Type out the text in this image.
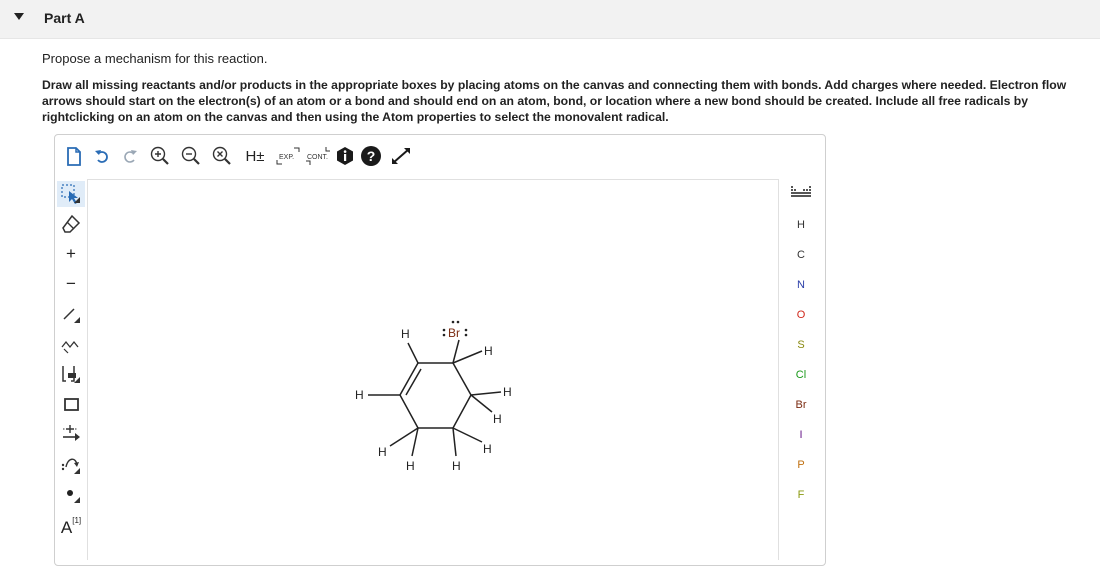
Part A
Propose a mechanism for this reaction.
Draw all missing reactants and/or products in the appropriate boxes by placing atoms on the canvas and connecting them with bonds. Add charges where needed. Electron flow arrows should start on the electron(s) of an atom or a bond and should end on an atom, bond, or location where a new bond should be created. Include all free radicals by rightclicking on an atom on the canvas and then using the Atom properties to select the monovalent radical.
H±	EXP. CONT.	?
+
−
A[1]
H	Br
H
H
H
H
H
H
H
H
H
C
N
O
S
Cl
Br
I
P
F
